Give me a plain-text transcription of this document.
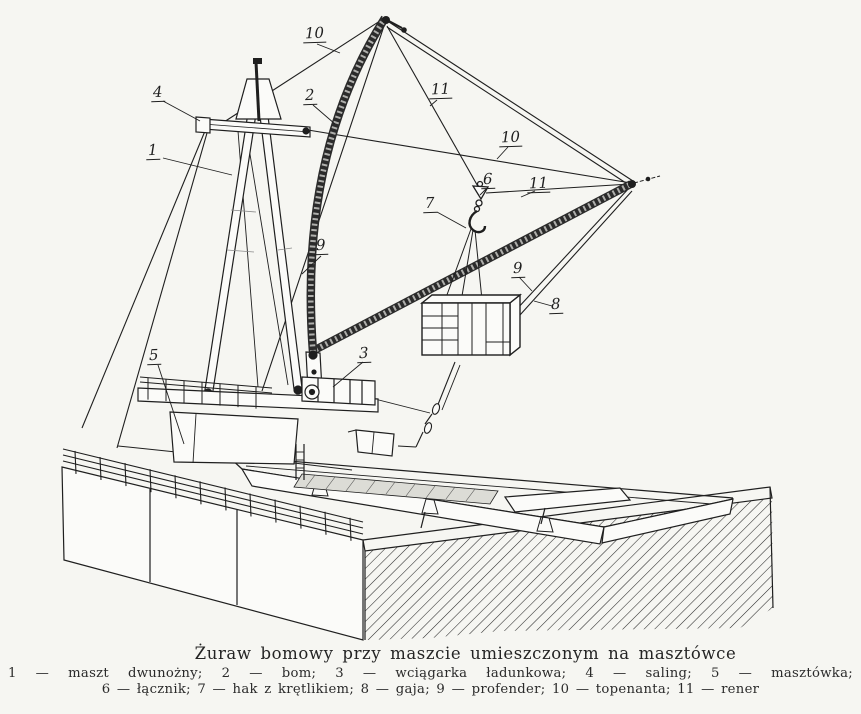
1
2
3
4
5
6
7
8
9
9
10
10
11
11
Żuraw bomowy przy maszcie umieszczonym na masztówce
1 — maszt dwunożny; 2 — bom; 3 — wciągarka ładunkowa; 4 — saling; 5 — masztówka;
6 — łącznik; 7 — hak z krętlikiem; 8 — gaja; 9 — profender; 10 — topenanta; 11 — rener
